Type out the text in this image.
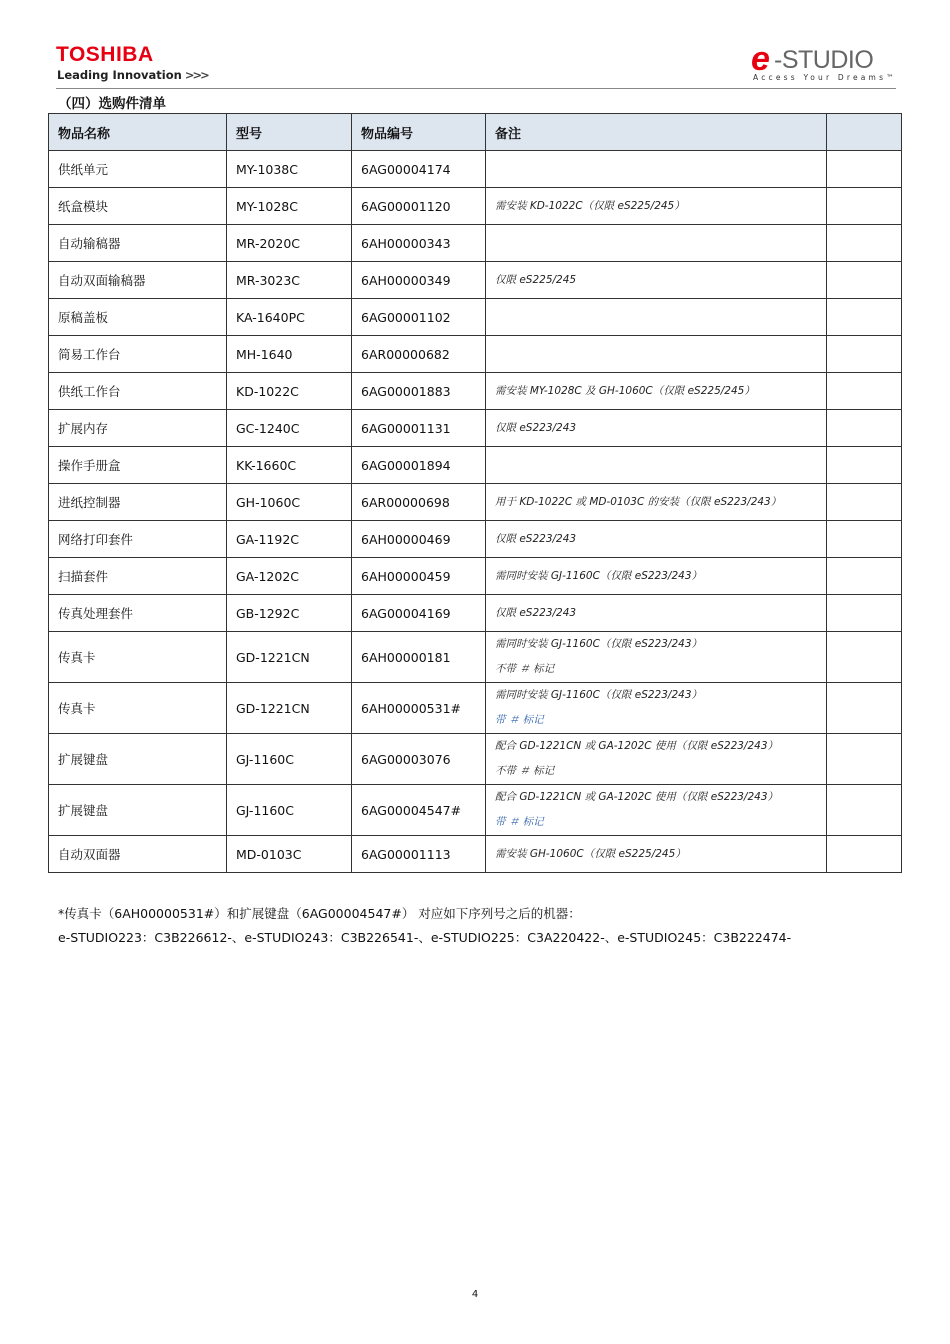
TOSHIBA
Leading Innovation >>>	e -STUDIO
Access Your Dreams™
（四）选购件清单
物品名称	型号	物品编号	备注	
供纸单元	MY-1038C	6AG00004174		
纸盒模块	MY-1028C	6AG00001120	需安装 KD-1022C（仅限 eS225/245）	
自动输稿器	MR-2020C	6AH00000343		
自动双面输稿器	MR-3023C	6AH00000349	仅限 eS225/245	
原稿盖板	KA-1640PC	6AG00001102		
简易工作台	MH-1640	6AR00000682		
供纸工作台	KD-1022C	6AG00001883	需安装 MY-1028C 及 GH-1060C（仅限 eS225/245）	
扩展内存	GC-1240C	6AG00001131	仅限 eS223/243	
操作手册盒	KK-1660C	6AG00001894		
进纸控制器	GH-1060C	6AR00000698	用于 KD-1022C 或 MD-0103C 的安装（仅限 eS223/243）	
网络打印套件	GA-1192C	6AH00000469	仅限 eS223/243	
扫描套件	GA-1202C	6AH00000459	需同时安装 GJ-1160C（仅限 eS223/243）	
传真处理套件	GB-1292C	6AG00004169	仅限 eS223/243	
传真卡	GD-1221CN	6AH00000181	需同时安装 GJ-1160C（仅限 eS223/243）
不带 ＃ 标记	

传真卡	GD-1221CN	6AH00000531#	需同时安装 GJ-1160C（仅限 eS223/243）
带 ＃ 标记	

扩展键盘	GJ-1160C	6AG00003076	配合 GD-1221CN 或 GA-1202C 使用（仅限 eS223/243）
不带 ＃ 标记	

扩展键盘	GJ-1160C	6AG00004547#	配合 GD-1221CN 或 GA-1202C 使用（仅限 eS223/243）
带 ＃ 标记	

自动双面器	MD-0103C	6AG00001113	需安装 GH-1060C（仅限 eS225/245）	
*传真卡（6AH00000531#）和扩展键盘（6AG00004547#） 对应如下序列号之后的机器：
e-STUDIO223：C3B226612-、e-STUDIO243：C3B226541-、e-STUDIO225：C3A220422-、e-STUDIO245：C3B222474-
4
